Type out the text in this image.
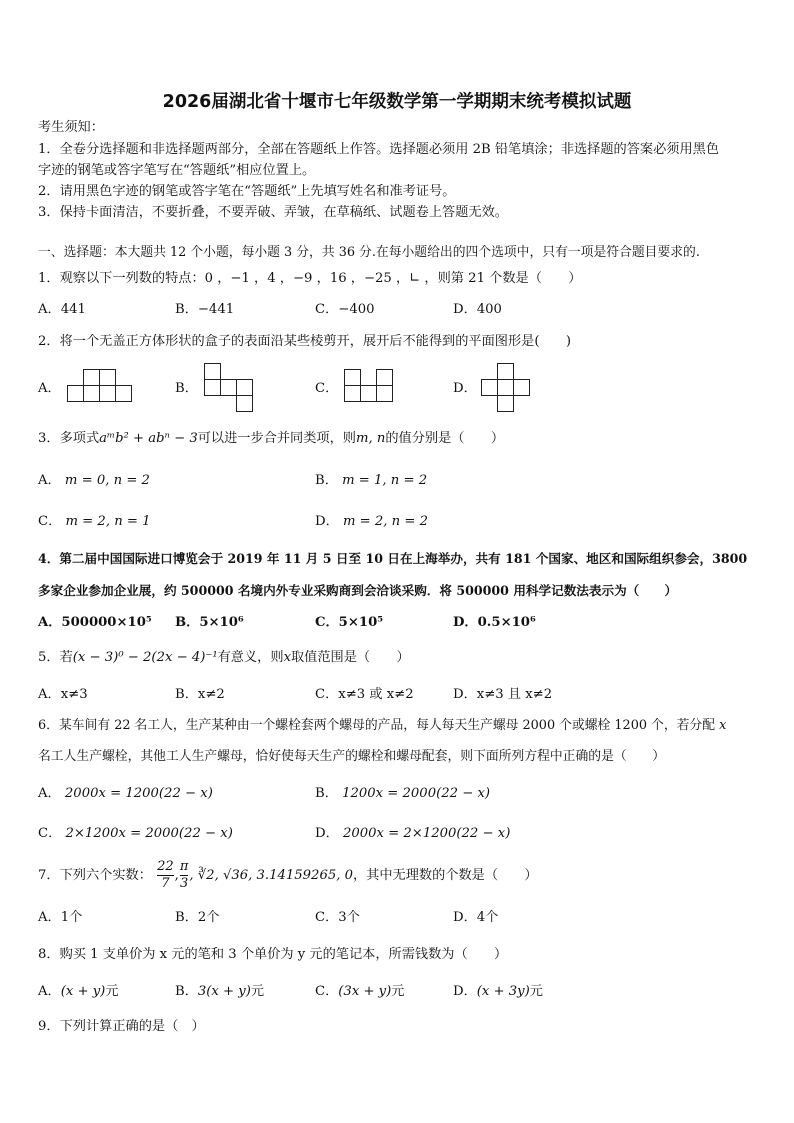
2026届湖北省十堰市七年级数学第一学期期末统考模拟试题
考生须知：
1．全卷分选择题和非选择题两部分，全部在答题纸上作答。选择题必须用 2B 铅笔填涂；非选择题的答案必须用黑色
字迹的钢笔或答字笔写在“答题纸”相应位置上。
2．请用黑色字迹的钢笔或答字笔在“答题纸”上先填写姓名和准考证号。
3．保持卡面清洁，不要折叠，不要弄破、弄皱，在草稿纸、试题卷上答题无效。
一、选择题：本大题共 12 个小题，每小题 3 分，共 36 分.在每小题给出的四个选项中，只有一项是符合题目要求的.
1．观察以下一列数的特点：0 ，−1 ，4 ，−9 ，16 ，−25 ，∟ ，则第 21 个数是（　　）
A．441	B．−441	C．−400	D．400
2．将一个无盖正方体形状的盒子的表面沿某些棱剪开，展开后不能得到的平面图形是(　　)
A．	B．	C．	D．
3．多项式aᵐb² + abⁿ − 3可以进一步合并同类项，则m, n的值分别是（　　）
A． m = 0, n = 2	B． m = 1, n = 2
C． m = 2, n = 1	D． m = 2, n = 2
4．第二届中国国际进口博览会于 2019 年 11 月 5 日至 10 日在上海举办，共有 181 个国家、地区和国际组织参会，3800
多家企业参加企业展，约 500000 名境内外专业采购商到会洽谈采购．将 500000 用科学记数法表示为（　　）
A．500000×10⁵ B．5×10⁶	C．5×10⁵	D．0.5×10⁶
5．若(x − 3)⁰ − 2(2x − 4)⁻¹有意义，则x取值范围是（　　）
A．x≠3	B．x≠2	C．x≠3 或 x≠2	D．x≠3 且 x≠2
6．某车间有 22 名工人，生产某种由一个螺栓套两个螺母的产品，每人每天生产螺母 2000 个或螺栓 1200 个，若分配 x
名工人生产螺栓，其他工人生产螺母，恰好使每天生产的螺栓和螺母配套，则下面所列方程中正确的是（　　）
A． 2000x = 1200(22 − x)	B． 1200x = 2000(22 − x)
C． 2×1200x = 2000(22 − x)	D． 2000x = 2×1200(22 − x)
7．下列六个实数： $\frac{22}{7}$ , $\frac{\pi}{3}$ , ∛2, √36, 3.14159265, 0，其中无理数的个数是（　　）
A．1个	B．2个	C．3个	D．4个
8．购买 1 支单价为 x 元的笔和 3 个单价为 y 元的笔记本，所需钱数为（　　）
A．(x + y)元	B．3(x + y)元	C．(3x + y)元	D．(x + 3y)元
9．下列计算正确的是（　）
